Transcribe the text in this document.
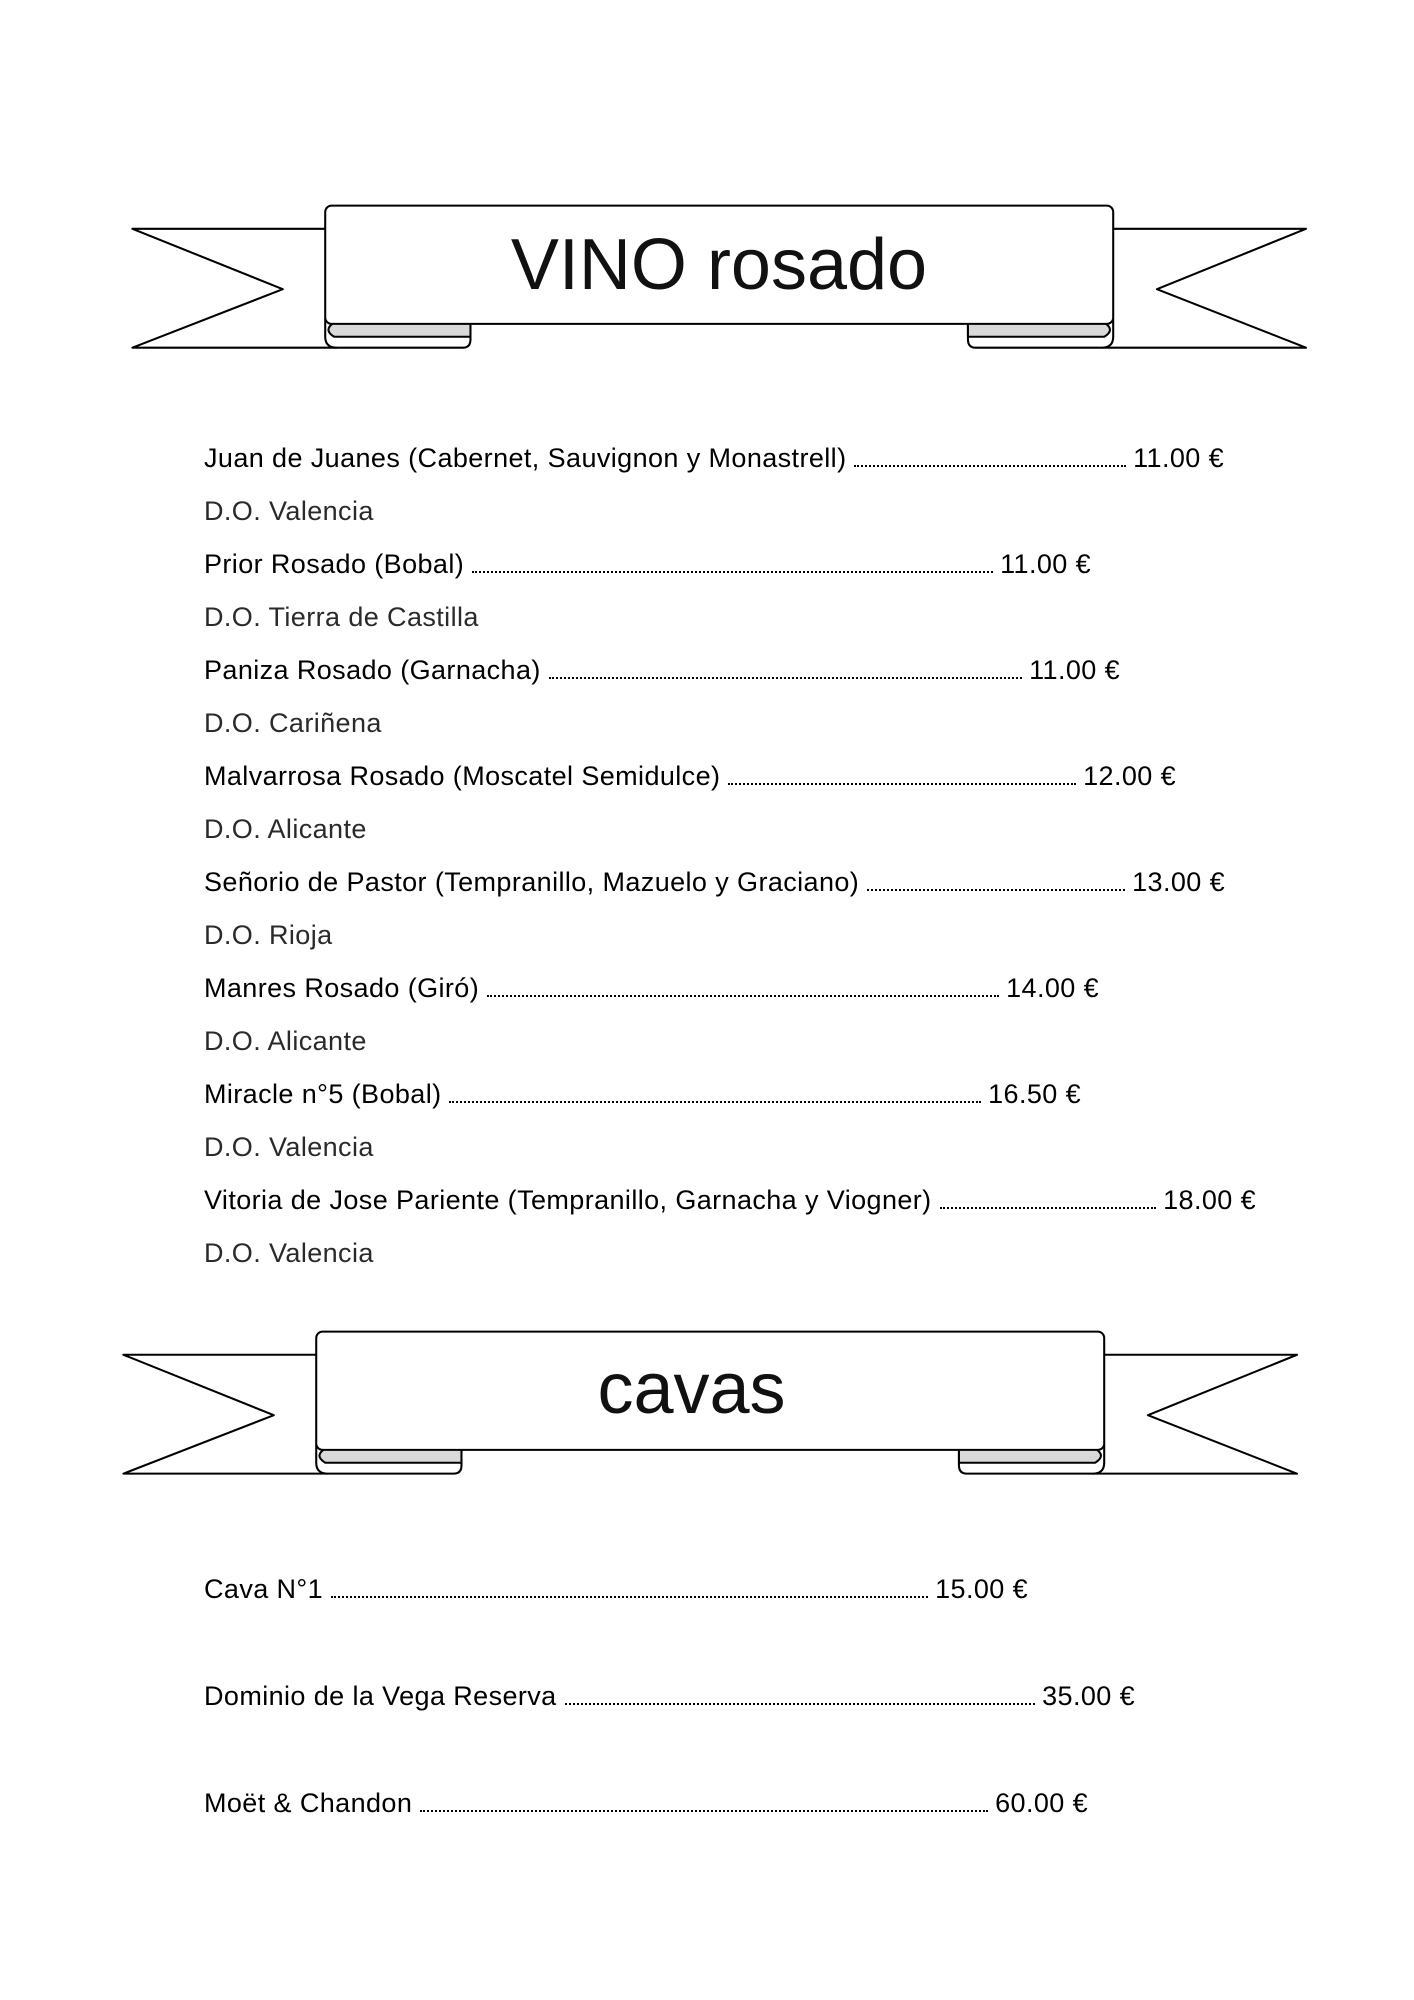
VINO rosado
cavas
Juan de Juanes (Cabernet, Sauvignon y Monastrell)	11.00 €
D.O. Valencia
Prior Rosado (Bobal)	11.00 €
D.O. Tierra de Castilla
Paniza Rosado (Garnacha)	11.00 €
D.O. Cariñena
Malvarrosa Rosado (Moscatel Semidulce)	12.00 €
D.O. Alicante
Señorio de Pastor (Tempranillo, Mazuelo y Graciano)	13.00 €
D.O. Rioja
Manres Rosado (Giró)	14.00 €
D.O. Alicante
Miracle n°5 (Bobal)	16.50 €
D.O. Valencia
Vitoria de Jose Pariente (Tempranillo, Garnacha y Viogner)	18.00 €
D.O. Valencia
Cava N°1	15.00 €
Dominio de la Vega Reserva	35.00 €
Moët & Chandon	60.00 €
